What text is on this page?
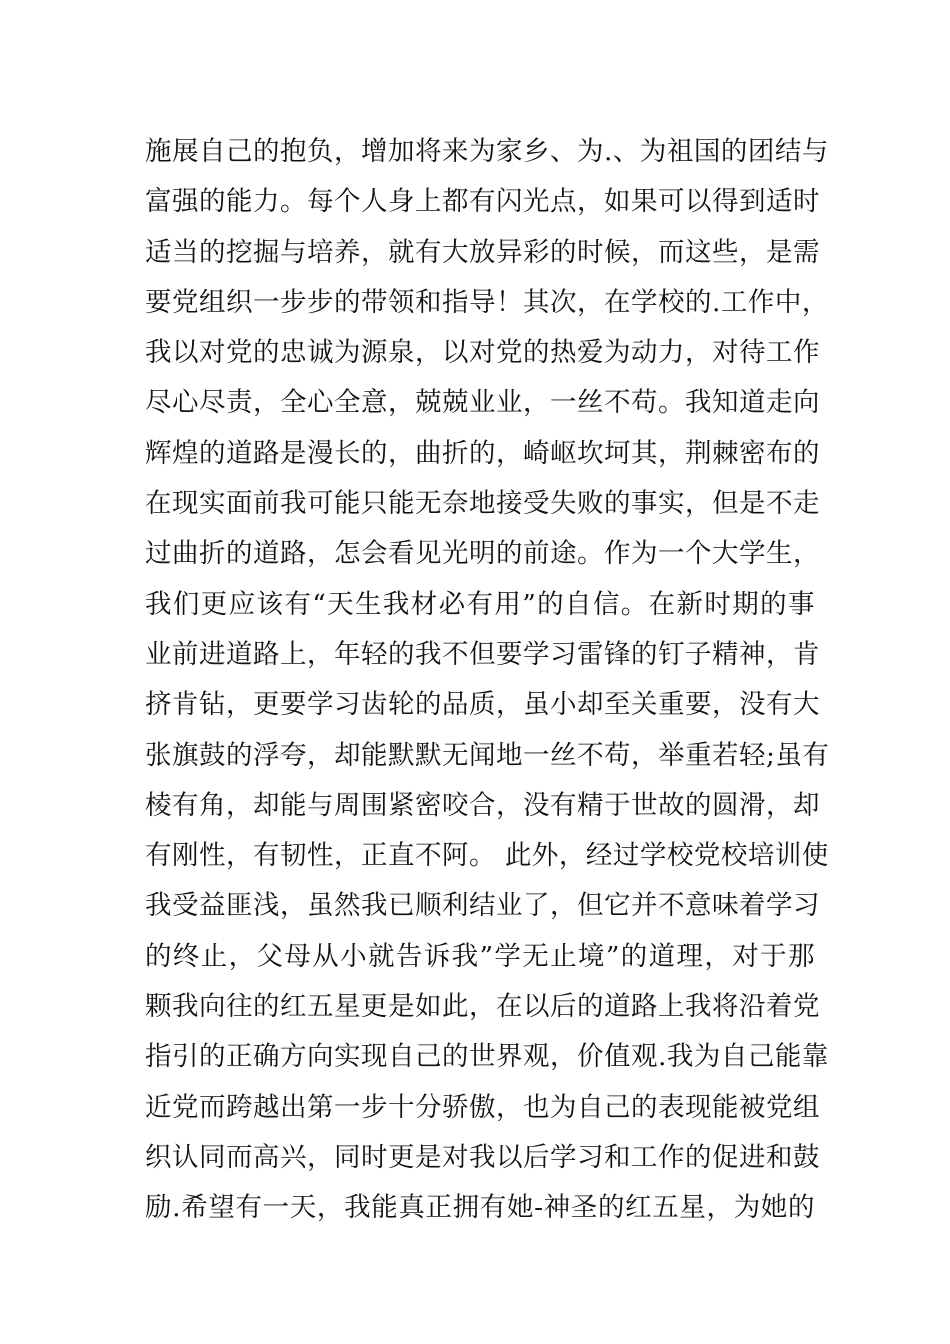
施展自己的抱负，增加将来为家乡、为.、为祖国的团结与
富强的能力。每个人身上都有闪光点，如果可以得到适时
适当的挖掘与培养，就有大放异彩的时候，而这些，是需
要党组织一步步的带领和指导！其次，在学校的.工作中，
我以对党的忠诚为源泉，以对党的热爱为动力，对待工作
尽心尽责，全心全意，兢兢业业，一丝不苟。我知道走向
辉煌的道路是漫长的，曲折的，崎岖坎坷其，荆棘密布的
在现实面前我可能只能无奈地接受失败的事实，但是不走
过曲折的道路，怎会看见光明的前途。作为一个大学生，
我们更应该有“天生我材必有用”的自信。在新时期的事
业前进道路上，年轻的我不但要学习雷锋的钉子精神，肯
挤肯钻，更要学习齿轮的品质，虽小却至关重要，没有大
张旗鼓的浮夸，却能默默无闻地一丝不苟，举重若轻;虽有
棱有角，却能与周围紧密咬合，没有精于世故的圆滑，却
有刚性，有韧性，正直不阿。 此外，经过学校党校培训使
我受益匪浅，虽然我已顺利结业了，但它并不意味着学习
的终止，父母从小就告诉我”学无止境”的道理，对于那
颗我向往的红五星更是如此，在以后的道路上我将沿着党
指引的正确方向实现自己的世界观，价值观.我为自己能靠
近党而跨越出第一步十分骄傲，也为自己的表现能被党组
织认同而高兴，同时更是对我以后学习和工作的促进和鼓
励.希望有一天，我能真正拥有她-神圣的红五星，为她的
